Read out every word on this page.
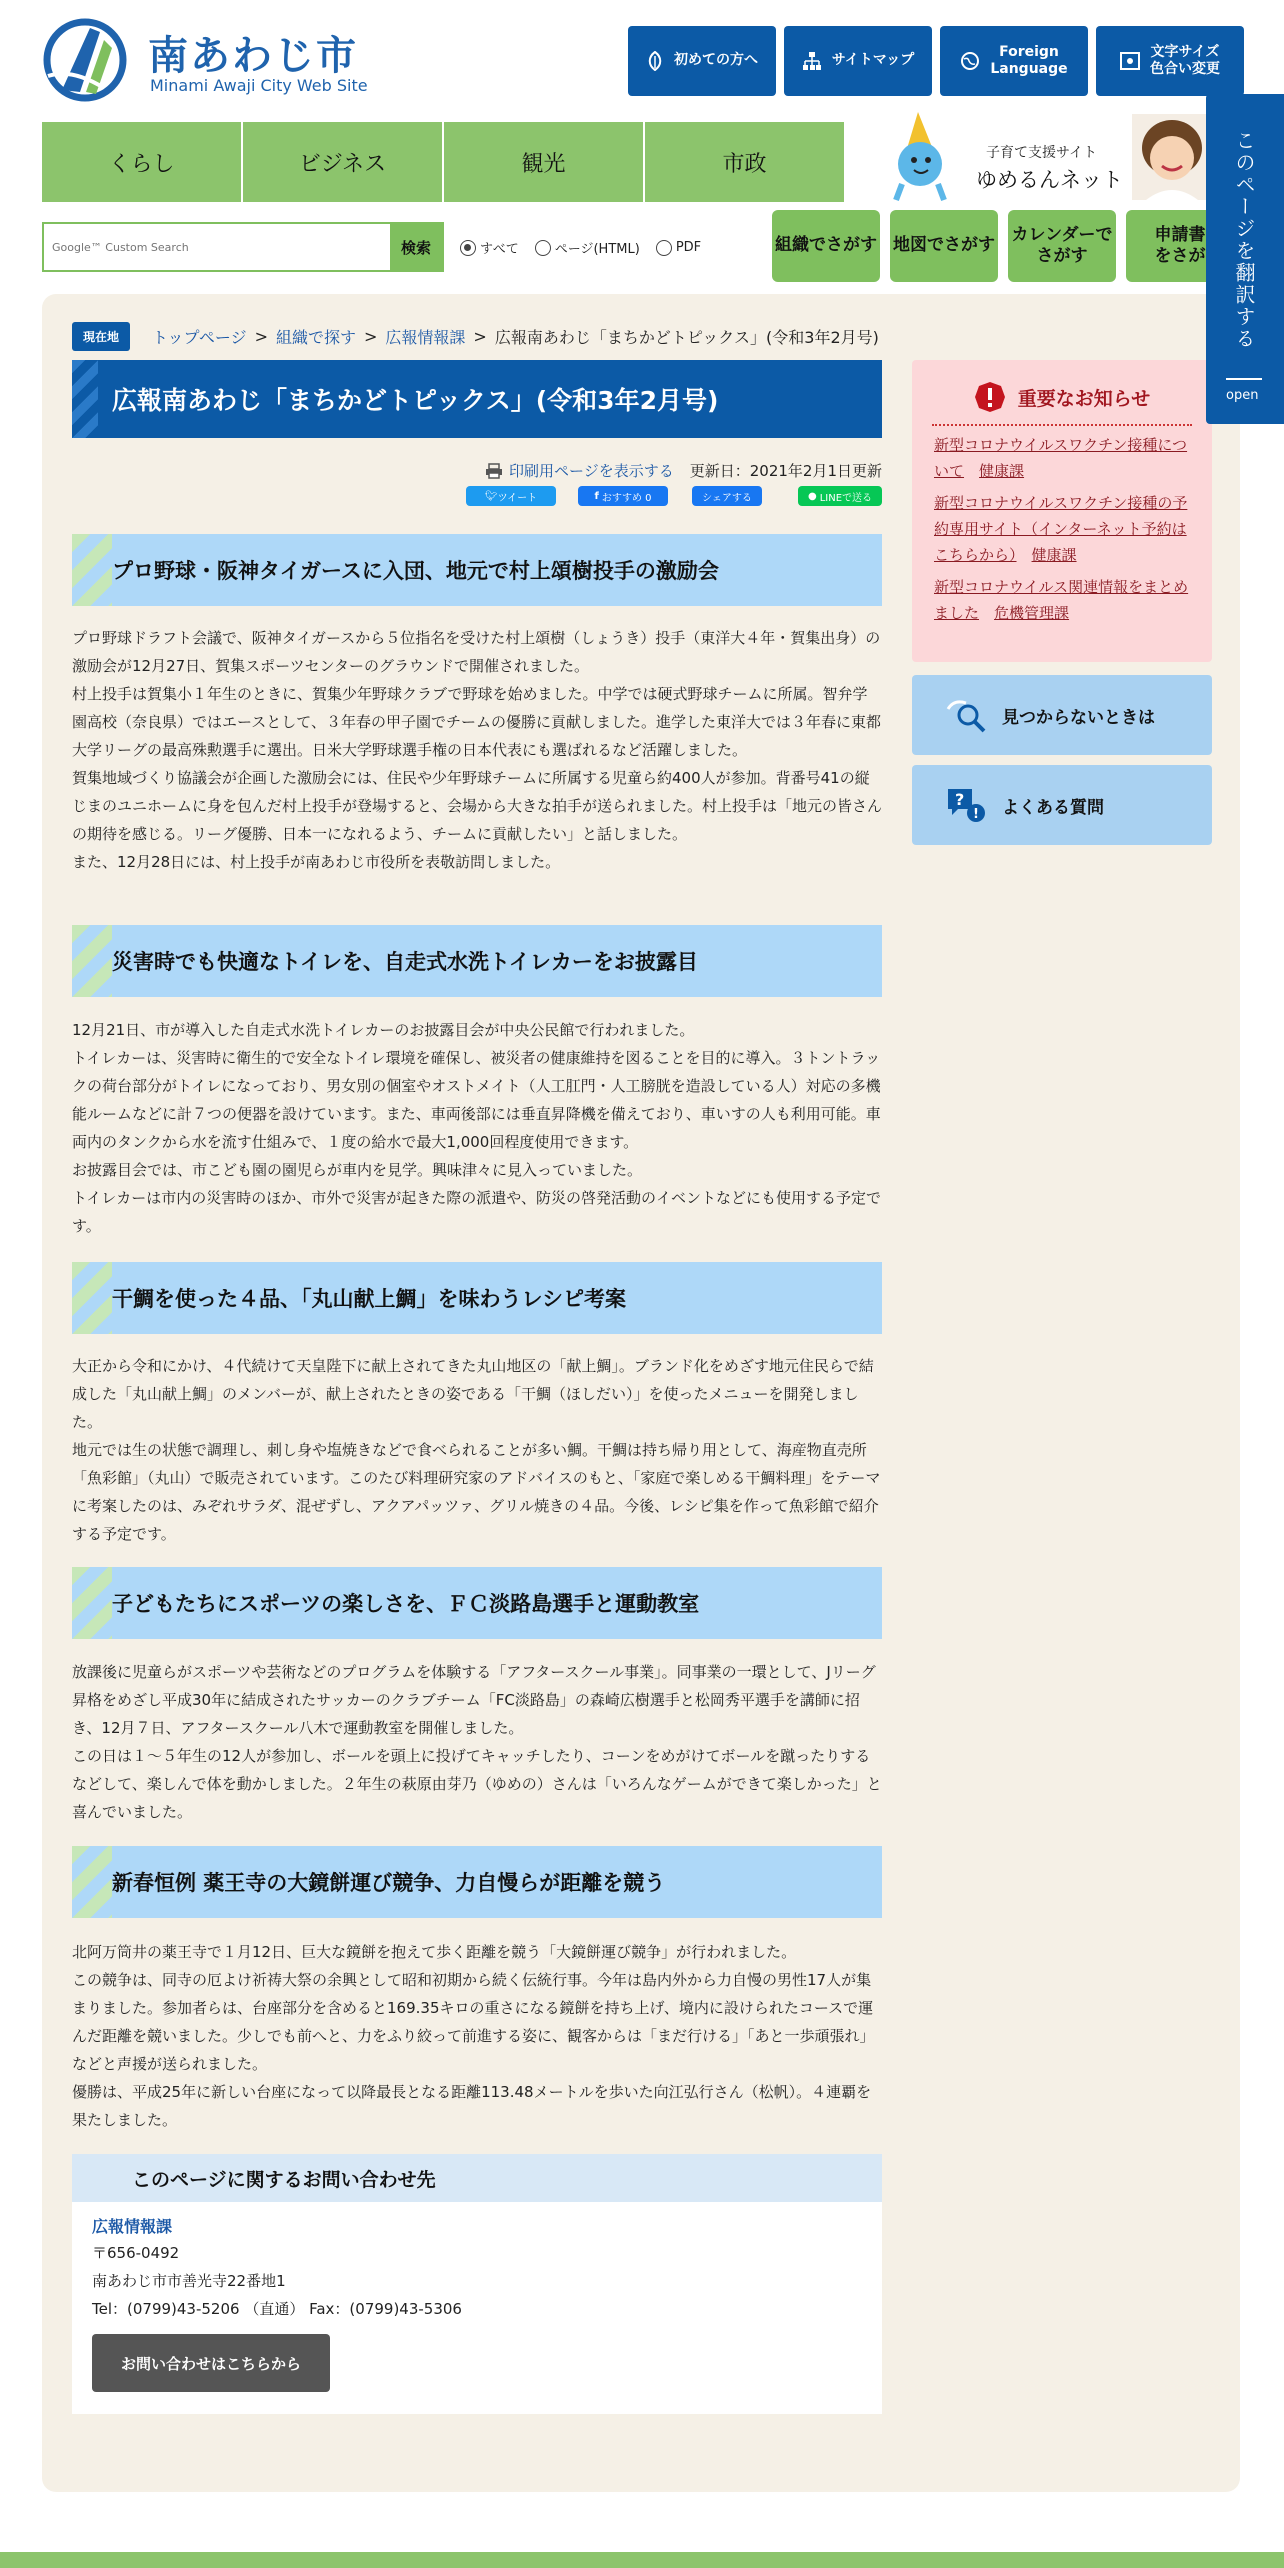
南あわじ市
Minami Awaji City Web Site
初めての方へ	サイトマップ
Foreign
Language
文字サイズ
色合い変更
くらし	ビジネス	観光	市政	子育て支援サイト
ゆめるんネット
Google™ Custom Search
検索	すべて	ページ(HTML)	PDF	組織でさがす 地図でさがす
カレンダーで
さがす
申請書
をさが
現在地	トップページ > 組織で探す > 広報情報課 > 広報南あわじ「まちかどトピックス」(令和3年2月号)
広報南あわじ「まちかどトピックス」(令和3年2月号)
印刷用ページを表示する 更新日：2021年2月1日更新
🐦︎ ツイート	f おすすめ 0	シェアする	● LINEで送る
プロ野球・阪神タイガースに入団、地元で村上頌樹投手の激励会

プロ野球ドラフト会議で、阪神タイガースから５位指名を受けた村上頌樹（しょうき）投手（東洋大４年・賀集出身）の激励会が12月27日、賀集スポーツセンターのグラウンドで開催されました。

村上投手は賀集小１年生のときに、賀集少年野球クラブで野球を始めました。中学では硬式野球チームに所属。智弁学園高校（奈良県）ではエースとして、３年春の甲子園でチームの優勝に貢献しました。進学した東洋大では３年春に東都大学リーグの最高殊勲選手に選出。日米大学野球選手権の日本代表にも選ばれるなど活躍しました。

賀集地域づくり協議会が企画した激励会には、住民や少年野球チームに所属する児童ら約400人が参加。背番号41の縦じまのユニホームに身を包んだ村上投手が登場すると、会場から大きな拍手が送られました。村上投手は「地元の皆さんの期待を感じる。リーグ優勝、日本一になれるよう、チームに貢献したい」と話しました。

また、12月28日には、村上投手が南あわじ市役所を表敬訪問しました。

災害時でも快適なトイレを、自走式水洗トイレカーをお披露目

12月21日、市が導入した自走式水洗トイレカーのお披露目会が中央公民館で行われました。

トイレカーは、災害時に衛生的で安全なトイレ環境を確保し、被災者の健康維持を図ることを目的に導入。３トントラックの荷台部分がトイレになっており、男女別の個室やオストメイト（人工肛門・人工膀胱を造設している人）対応の多機能ルームなどに計７つの便器を設けています。また、車両後部には垂直昇降機を備えており、車いすの人も利用可能。車両内のタンクから水を流す仕組みで、１度の給水で最大1,000回程度使用できます。

お披露目会では、市こども園の園児らが車内を見学。興味津々に見入っていました。

トイレカーは市内の災害時のほか、市外で災害が起きた際の派遣や、防災の啓発活動のイベントなどにも使用する予定です。

干鯛を使った４品、「丸山献上鯛」を味わうレシピ考案

大正から令和にかけ、４代続けて天皇陛下に献上されてきた丸山地区の「献上鯛」。ブランド化をめざす地元住民らで結成した「丸山献上鯛」のメンバーが、献上されたときの姿である「干鯛（ほしだい）」を使ったメニューを開発しました。

地元では生の状態で調理し、刺し身や塩焼きなどで食べられることが多い鯛。干鯛は持ち帰り用として、海産物直売所「魚彩館」（丸山）で販売されています。このたび料理研究家のアドバイスのもと、「家庭で楽しめる干鯛料理」をテーマに考案したのは、みぞれサラダ、混ぜずし、アクアパッツァ、グリル焼きの４品。今後、レシピ集を作って魚彩館で紹介する予定です。

子どもたちにスポーツの楽しさを、ＦＣ淡路島選手と運動教室

放課後に児童らがスポーツや芸術などのプログラムを体験する「アフタースクール事業」。同事業の一環として、Jリーグ昇格をめざし平成30年に結成されたサッカーのクラブチーム「FC淡路島」の森崎広樹選手と松岡秀平選手を講師に招き、12月７日、アフタースクール八木で運動教室を開催しました。

この日は１～５年生の12人が参加し、ボールを頭上に投げてキャッチしたり、コーンをめがけてボールを蹴ったりするなどして、楽しんで体を動かしました。２年生の萩原由芽乃（ゆめの）さんは「いろんなゲームができて楽しかった」と喜んでいました。

新春恒例 薬王寺の大鏡餅運び競争、力自慢らが距離を競う

北阿万筒井の薬王寺で１月12日、巨大な鏡餅を抱えて歩く距離を競う「大鏡餅運び競争」が行われました。

この競争は、同寺の厄よけ祈祷大祭の余興として昭和初期から続く伝統行事。今年は島内外から力自慢の男性17人が集まりました。参加者らは、台座部分を含めると169.35キロの重さになる鏡餅を持ち上げ、境内に設けられたコースで運んだ距離を競いました。少しでも前へと、力をふり絞って前進する姿に、観客からは「まだ行ける」「あと一歩頑張れ」などと声援が送られました。

優勝は、平成25年に新しい台座になって以降最長となる距離113.48メートルを歩いた向江弘行さん（松帆）。４連覇を果たしました。

このページに関するお問い合わせ先
広報情報課
〒656-0492
南あわじ市市善光寺22番地1
Tel：(0799)43-5206 （直通） Fax：(0799)43-5306
お問い合わせはこちらから
重要なお知らせ
新型コロナウイルスワクチン接種について　 健康課
新型コロナウイルスワクチン接種の予約専用サイト（インターネット予約はこちらから）　 健康課
新型コロナウイルス関連情報をまとめました　 危機管理課
見つからないときは
?
! よくある質問
このページを翻訳する
open
